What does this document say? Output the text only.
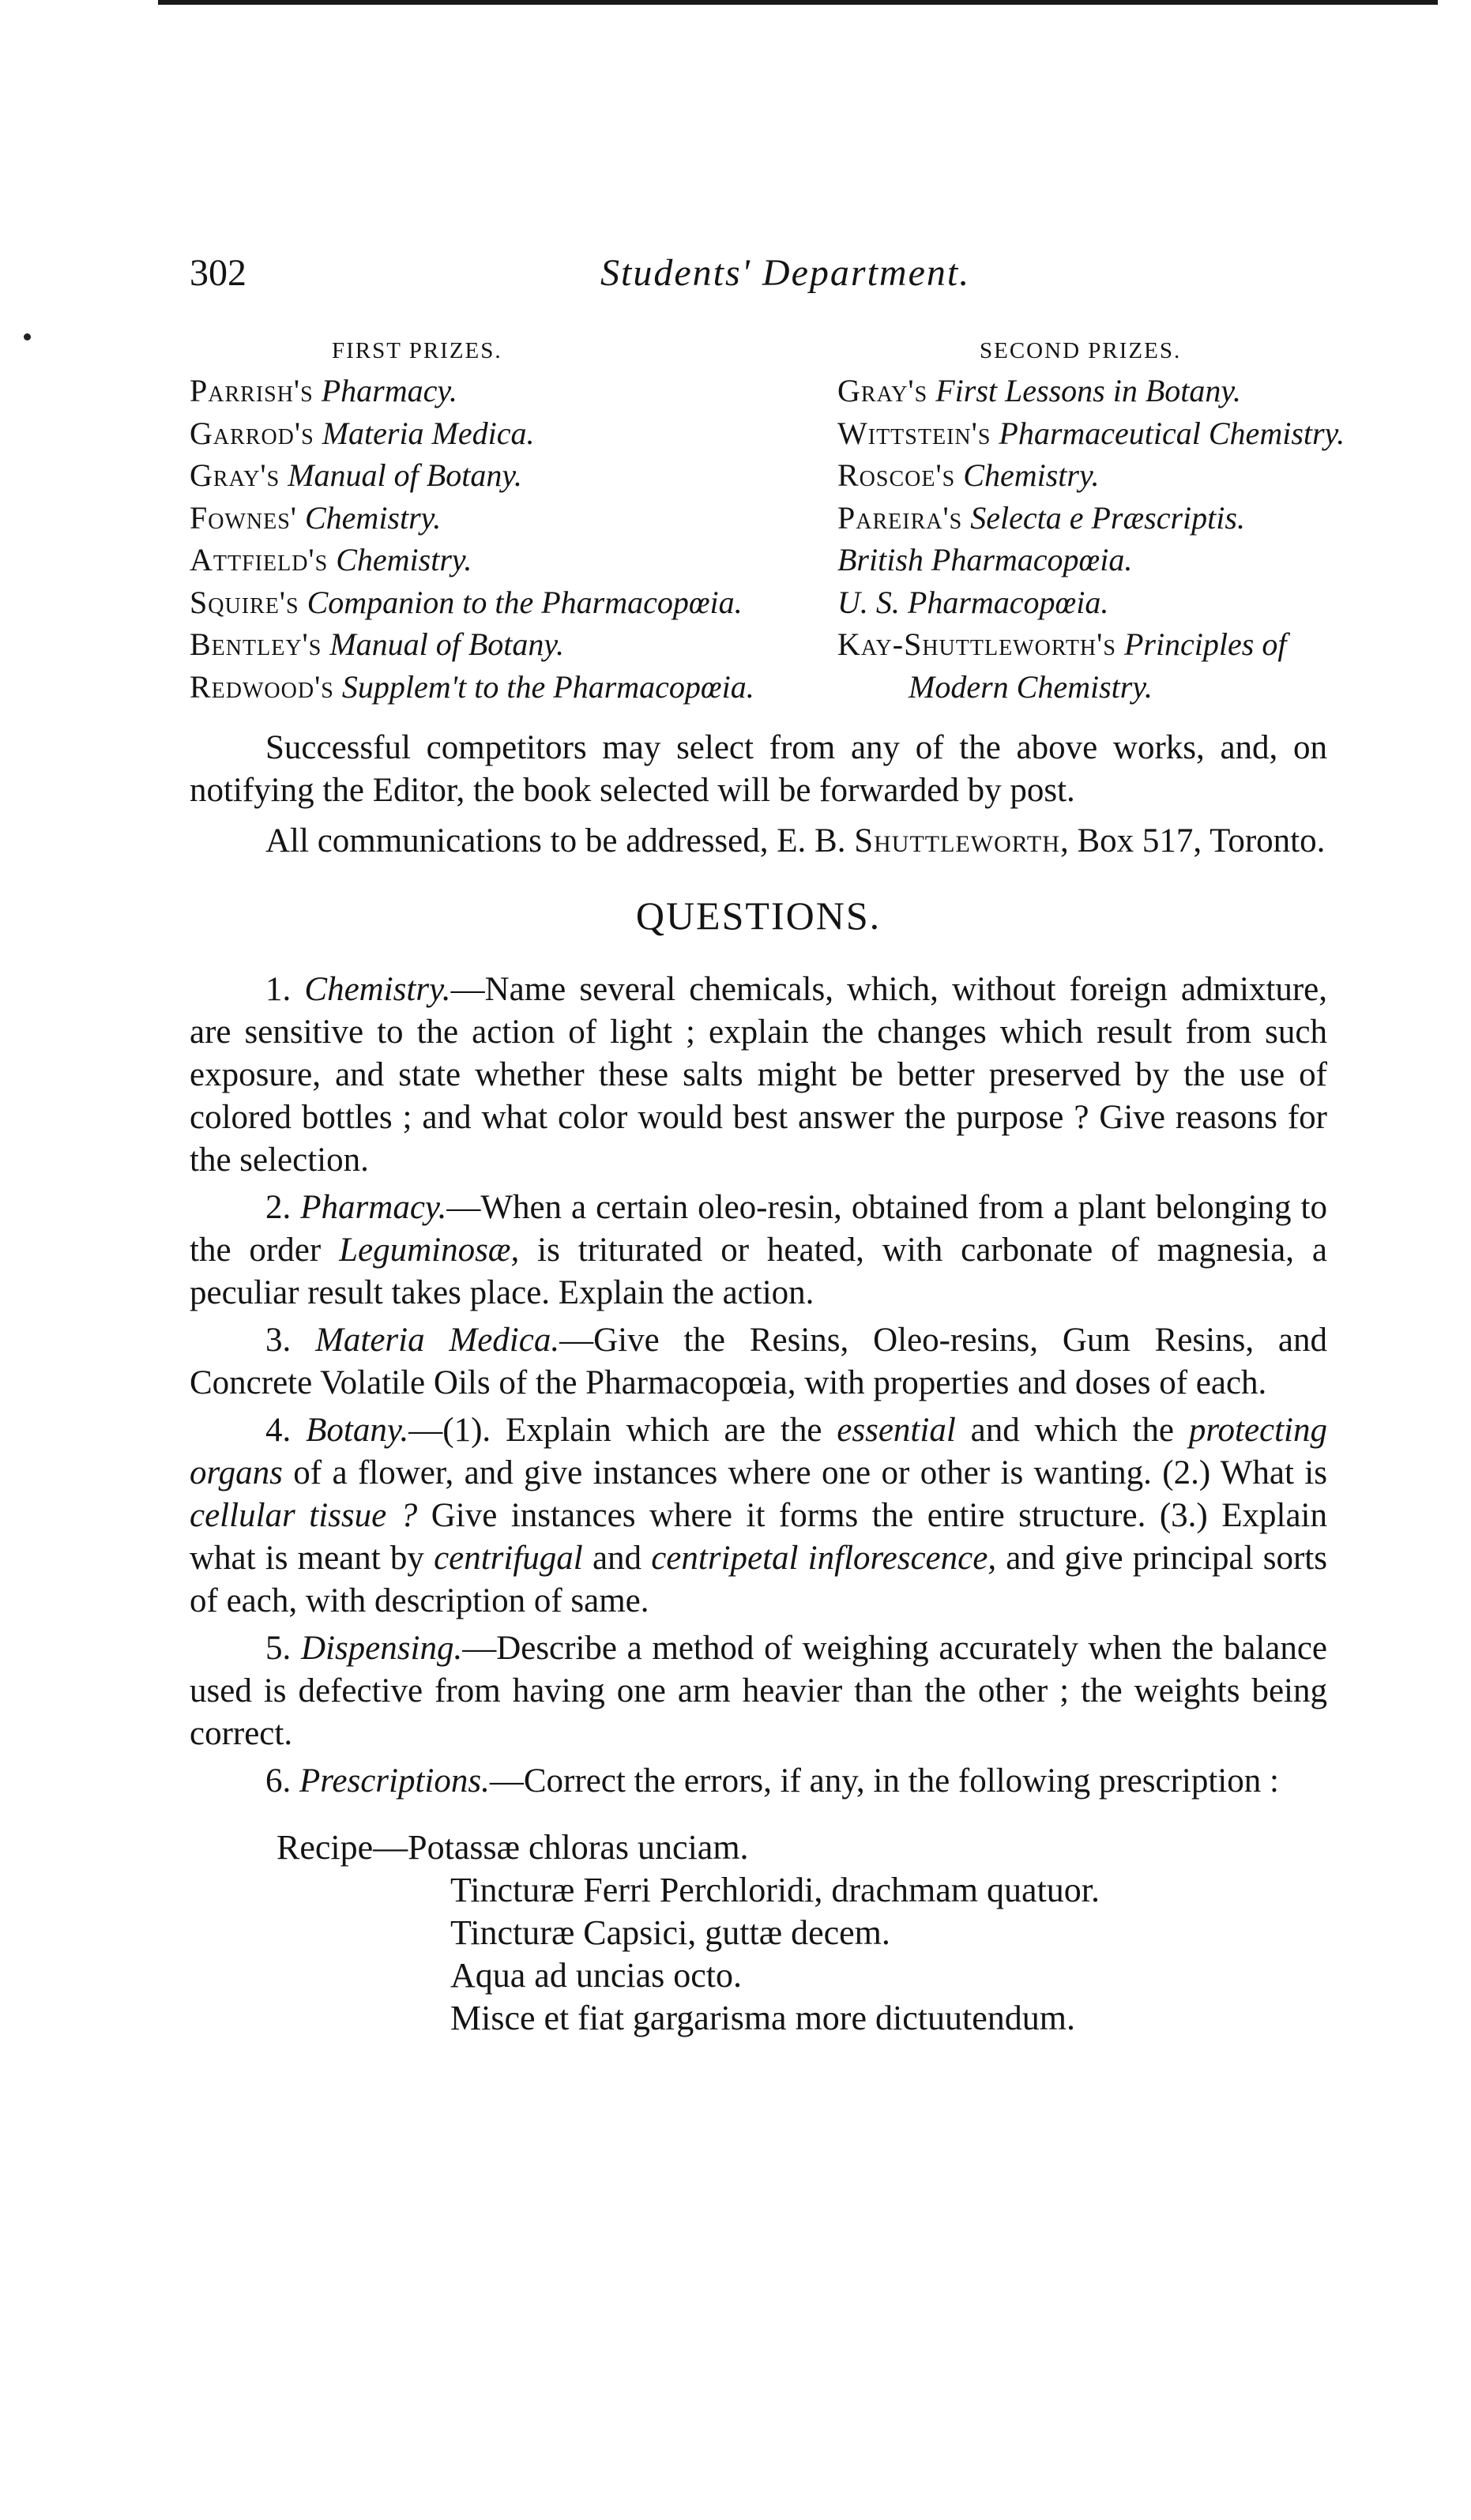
302	Students' Department.
FIRST PRIZES.
Parrish's Pharmacy.
Garrod's Materia Medica.
Gray's Manual of Botany.
Fownes' Chemistry.
Attfield's Chemistry.
Squire's Companion to the Pharmacopœia.
Bentley's Manual of Botany.
Redwood's Supplem't to the Pharmacopœia.
SECOND PRIZES.
Gray's First Lessons in Botany.
Wittstein's Pharmaceutical Chemistry.
Roscoe's Chemistry.
Pareira's Selecta e Præscriptis.
British Pharmacopœia.
U. S. Pharmacopœia.
Kay-Shuttleworth's Principles of
Modern Chemistry.

Successful competitors may select from any of the above works, and, on notifying the Editor, the book selected will be forwarded by post.

All communications to be addressed, E. B. Shuttleworth, Box 517, Toronto.

QUESTIONS.

1. Chemistry.—Name several chemicals, which, without foreign admixture, are sensitive to the action of light ; explain the changes which result from such exposure, and state whether these salts might be better preserved by the use of colored bottles ; and what color would best answer the purpose ? Give reasons for the selection.

2. Pharmacy.—When a certain oleo-resin, obtained from a plant belonging to the order Leguminosæ, is triturated or heated, with carbonate of magnesia, a peculiar result takes place. Explain the action.

3. Materia Medica.—Give the Resins, Oleo-resins, Gum Resins, and Concrete Volatile Oils of the Pharmacopœia, with properties and doses of each.

4. Botany.—(1). Explain which are the essential and which the protecting organs of a flower, and give instances where one or other is wanting. (2.) What is cellular tissue ? Give instances where it forms the entire structure. (3.) Explain what is meant by centrifugal and centripetal inflorescence, and give principal sorts of each, with description of same.

5. Dispensing.—Describe a method of weighing accurately when the balance used is defective from having one arm heavier than the other ; the weights being correct.

6. Prescriptions.—Correct the errors, if any, in the following prescription :

Recipe—Potassæ chloras unciam.
Tincturæ Ferri Perchloridi, drachmam quatuor.
Tincturæ Capsici, guttæ decem.
Aqua ad uncias octo.
Misce et fiat gargarisma more dictuutendum.
